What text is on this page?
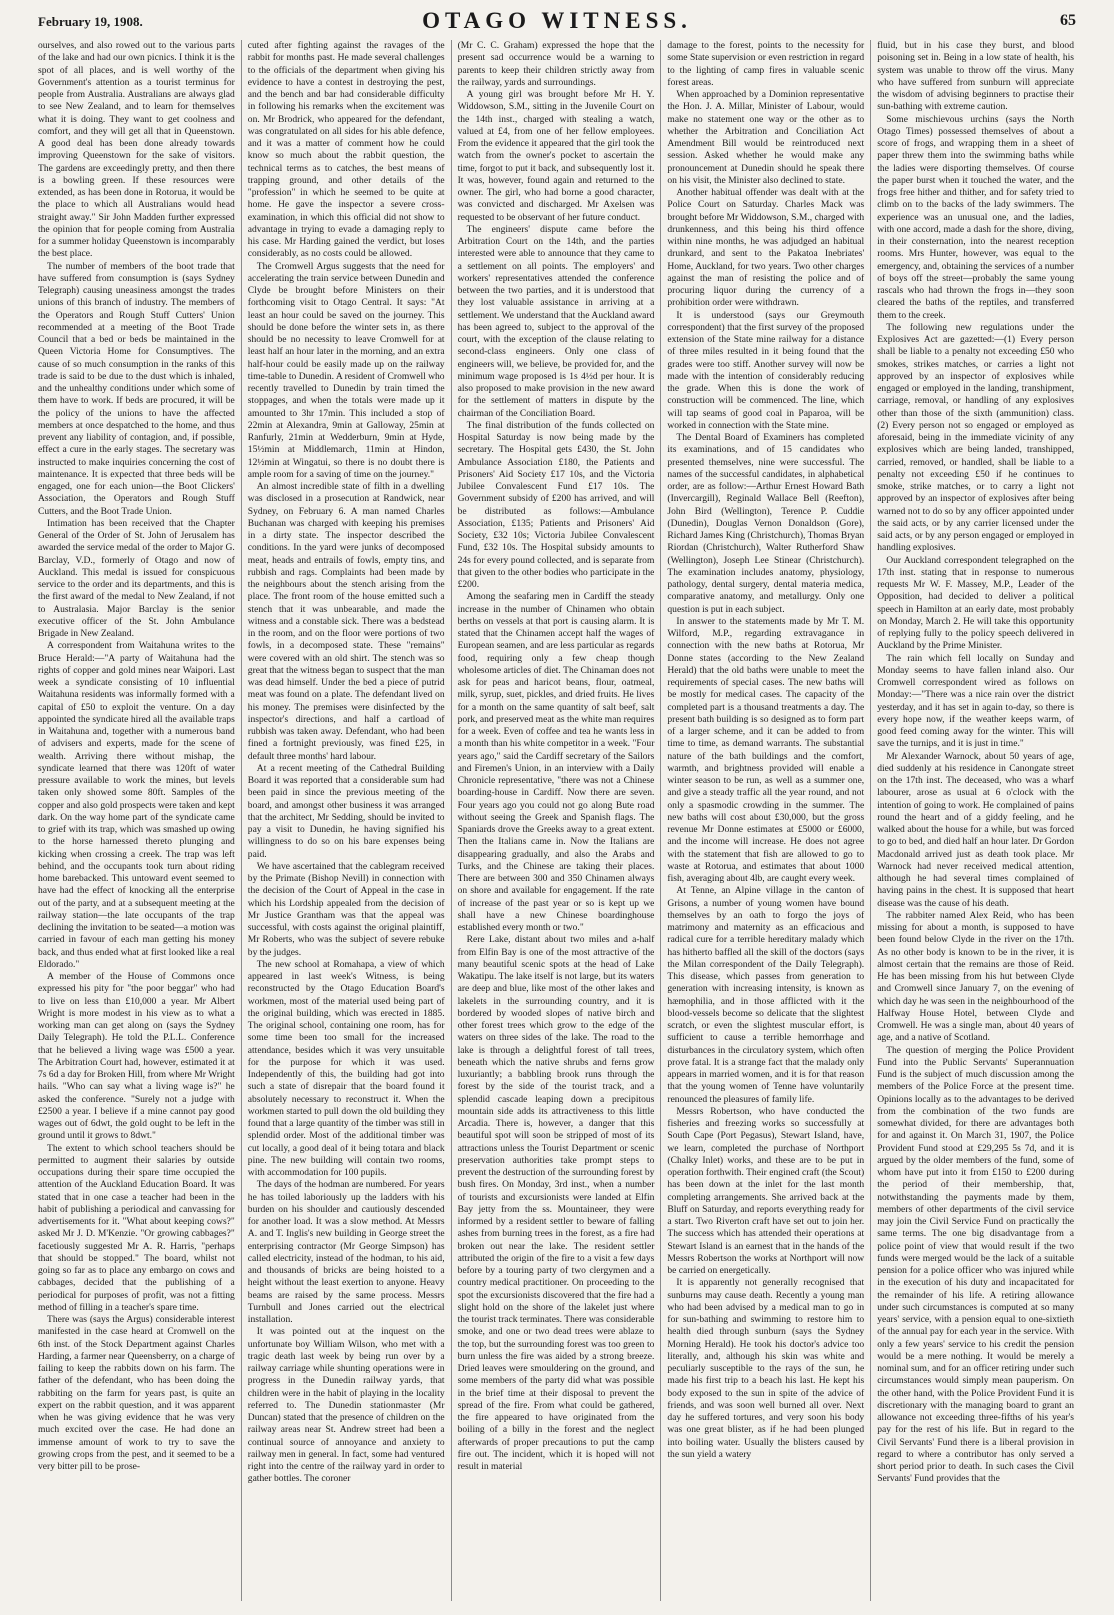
February 19, 1908.	OTAGO WITNESS.	65

ourselves, and also rowed out to the various parts of the lake and had our own picnics. I think it is the spot of all places, and is well worthy of the Government's attention as a tourist terminus for people from Australia. Australians are always glad to see New Zealand, and to learn for themselves what it is doing. They want to get coolness and comfort, and they will get all that in Queenstown. A good deal has been done already towards improving Queenstown for the sake of visitors. The gardens are exceedingly pretty, and then there is a bowling green. If these resources were extended, as has been done in Rotorua, it would be the place to which all Australians would head straight away." Sir John Madden further expressed the opinion that for people coming from Australia for a summer holiday Queenstown is incomparably the best place.

The number of members of the boot trade that have suffered from consumption is (says Sydney Telegraph) causing uneasiness amongst the trades unions of this branch of industry. The members of the Operators and Rough Stuff Cutters' Union recommended at a meeting of the Boot Trade Council that a bed or beds be maintained in the Queen Victoria Home for Consumptives. The cause of so much consumption in the ranks of this trade is said to be due to the dust which is inhaled, and the unhealthy conditions under which some of them have to work. If beds are procured, it will be the policy of the unions to have the affected members at once despatched to the home, and thus prevent any liability of contagion, and, if possible, effect a cure in the early stages. The secretary was instructed to make inquiries concerning the cost of maintenance. It is expected that three beds will be engaged, one for each union—the Boot Clickers' Association, the Operators and Rough Stuff Cutters, and the Boot Trade Union.

Intimation has been received that the Chapter General of the Order of St. John of Jerusalem has awarded the service medal of the order to Major G. Barclay, V.D., formerly of Otago and now of Auckland. This medal is issued for conspicuous service to the order and its departments, and this is the first award of the medal to New Zealand, if not to Australasia. Major Barclay is the senior executive officer of the St. John Ambulance Brigade in New Zealand.

A correspondent from Waitahuna writes to the Bruce Herald:—"A party of Waitahuna had the rights of copper and gold mines near Waipori. Last week a syndicate consisting of 10 influential Waitahuna residents was informally formed with a capital of £50 to exploit the venture. On a day appointed the syndicate hired all the available traps in Waitahuna and, together with a numerous band of advisers and experts, made for the scene of wealth. Arriving there without mishap, the syndicate learned that there was 120ft of water pressure available to work the mines, but levels taken only showed some 80ft. Samples of the copper and also gold prospects were taken and kept dark. On the way home part of the syndicate came to grief with its trap, which was smashed up owing to the horse harnessed thereto plunging and kicking when crossing a creek. The trap was left behind, and the occupants took turn about riding home barebacked. This untoward event seemed to have had the effect of knocking all the enterprise out of the party, and at a subsequent meeting at the railway station—the late occupants of the trap declining the invitation to be seated—a motion was carried in favour of each man getting his money back, and thus ended what at first looked like a real Eldorado."

A member of the House of Commons once expressed his pity for "the poor beggar" who had to live on less than £10,000 a year. Mr Albert Wright is more modest in his view as to what a working man can get along on (says the Sydney Daily Telegraph). He told the P.L.L. Conference that he believed a living wage was £500 a year. The Arbitration Court had, however, estimated it at 7s 6d a day for Broken Hill, from where Mr Wright hails. "Who can say what a living wage is?" he asked the conference. "Surely not a judge with £2500 a year. I believe if a mine cannot pay good wages out of 6dwt, the gold ought to be left in the ground until it grows to 8dwt."

The extent to which school teachers should be permitted to augment their salaries by outside occupations during their spare time occupied the attention of the Auckland Education Board. It was stated that in one case a teacher had been in the habit of publishing a periodical and canvassing for advertisements for it. "What about keeping cows?" asked Mr J. D. M'Kenzie. "Or growing cabbages?" facetiously suggested Mr A. R. Harris, "perhaps that should be stopped." The board, whilst not going so far as to place any embargo on cows and cabbages, decided that the publishing of a periodical for purposes of profit, was not a fitting method of filling in a teacher's spare time.

There was (says the Argus) considerable interest manifested in the case heard at Cromwell on the 6th inst. of the Stock Department against Charles Harding, a farmer near Queensberry, on a charge of failing to keep the rabbits down on his farm. The father of the defendant, who has been doing the rabbiting on the farm for years past, is quite an expert on the rabbit question, and it was apparent when he was giving evidence that he was very much excited over the case. He had done an immense amount of work to try to save the growing crops from the pest, and it seemed to be a very bitter pill to be prose-

cuted after fighting against the ravages of the rabbit for months past. He made several challenges to the officials of the department when giving his evidence to have a contest in destroying the pest, and the bench and bar had considerable difficulty in following his remarks when the excitement was on. Mr Brodrick, who appeared for the defendant, was congratulated on all sides for his able defence, and it was a matter of comment how he could know so much about the rabbit question, the technical terms as to catches, the best means of trapping ground, and other details of the "profession" in which he seemed to be quite at home. He gave the inspector a severe cross-examination, in which this official did not show to advantage in trying to evade a damaging reply to his case. Mr Harding gained the verdict, but loses considerably, as no costs could be allowed.

The Cromwell Argus suggests that the need for accelerating the train service between Dunedin and Clyde be brought before Ministers on their forthcoming visit to Otago Central. It says: "At least an hour could be saved on the journey. This should be done before the winter sets in, as there should be no necessity to leave Cromwell for at least half an hour later in the morning, and an extra half-hour could be easily made up on the railway time-table to Dunedin. A resident of Cromwell who recently travelled to Dunedin by train timed the stoppages, and when the totals were made up it amounted to 3hr 17min. This included a stop of 22min at Alexandra, 9min at Galloway, 25min at Ranfurly, 21min at Wedderburn, 9min at Hyde, 15½min at Middlemarch, 11min at Hindon, 12½min at Wingatui, so there is no doubt there is ample room for a saving of time on the journey."

An almost incredible state of filth in a dwelling was disclosed in a prosecution at Randwick, near Sydney, on February 6. A man named Charles Buchanan was charged with keeping his premises in a dirty state. The inspector described the conditions. In the yard were junks of decomposed meat, heads and entrails of fowls, empty tins, and rubbish and rags. Complaints had been made by the neighbours about the stench arising from the place. The front room of the house emitted such a stench that it was unbearable, and made the witness and a constable sick. There was a bedstead in the room, and on the floor were portions of two fowls, in a decomposed state. These "remains" were covered with an old shirt. The stench was so great that the witness began to suspect that the man was dead himself. Under the bed a piece of putrid meat was found on a plate. The defendant lived on his money. The premises were disinfected by the inspector's directions, and half a cartload of rubbish was taken away. Defendant, who had been fined a fortnight previously, was fined £25, in default three months' hard labour.

At a recent meeting of the Cathedral Building Board it was reported that a considerable sum had been paid in since the previous meeting of the board, and amongst other business it was arranged that the architect, Mr Sedding, should be invited to pay a visit to Dunedin, he having signified his willingness to do so on his bare expenses being paid.

We have ascertained that the cablegram received by the Primate (Bishop Nevill) in connection with the decision of the Court of Appeal in the case in which his Lordship appealed from the decision of Mr Justice Grantham was that the appeal was successful, with costs against the original plaintiff, Mr Roberts, who was the subject of severe rebuke by the judges.

The new school at Romahapa, a view of which appeared in last week's Witness, is being reconstructed by the Otago Education Board's workmen, most of the material used being part of the original building, which was erected in 1885. The original school, containing one room, has for some time been too small for the increased attendance, besides which it was very unsuitable for the purpose for which it was used. Independently of this, the building had got into such a state of disrepair that the board found it absolutely necessary to reconstruct it. When the workmen started to pull down the old building they found that a large quantity of the timber was still in splendid order. Most of the additional timber was cut locally, a good deal of it being totara and black pine. The new building will contain two rooms, with accommodation for 100 pupils.

The days of the hodman are numbered. For years he has toiled laboriously up the ladders with his burden on his shoulder and cautiously descended for another load. It was a slow method. At Messrs A. and T. Inglis's new building in George street the enterprising contractor (Mr George Simpson) has called electricity, instead of the hodman, to his aid, and thousands of bricks are being hoisted to a height without the least exertion to anyone. Heavy beams are raised by the same process. Messrs Turnbull and Jones carried out the electrical installation.

It was pointed out at the inquest on the unfortunate boy William Wilson, who met with a tragic death last week by being run over by a railway carriage while shunting operations were in progress in the Dunedin railway yards, that children were in the habit of playing in the locality referred to. The Dunedin stationmaster (Mr Duncan) stated that the presence of children on the railway areas near St. Andrew street had been a continual source of annoyance and anxiety to railway men in general. In fact, some had ventured right into the centre of the railway yard in order to gather bottles. The coroner

(Mr C. C. Graham) expressed the hope that the present sad occurrence would be a warning to parents to keep their children strictly away from the railway, yards and surroundings.

A young girl was brought before Mr H. Y. Widdowson, S.M., sitting in the Juvenile Court on the 14th inst., charged with stealing a watch, valued at £4, from one of her fellow employees. From the evidence it appeared that the girl took the watch from the owner's pocket to ascertain the time, forgot to put it back, and subsequently lost it. It was, however, found again and returned to the owner. The girl, who had borne a good character, was convicted and discharged. Mr Axelsen was requested to be observant of her future conduct.

The engineers' dispute came before the Arbitration Court on the 14th, and the parties interested were able to announce that they came to a settlement on all points. The employers' and workers' representatives attended the conference between the two parties, and it is understood that they lost valuable assistance in arriving at a settlement. We understand that the Auckland award has been agreed to, subject to the approval of the court, with the exception of the clause relating to second-class engineers. Only one class of engineers will, we believe, be provided for, and the minimum wage proposed is 1s 4½d per hour. It is also proposed to make provision in the new award for the settlement of matters in dispute by the chairman of the Conciliation Board.

The final distribution of the funds collected on Hospital Saturday is now being made by the secretary. The Hospital gets £430, the St. John Ambulance Association £180, the Patients and Prisoners' Aid Society £17 10s, and the Victoria Jubilee Convalescent Fund £17 10s. The Government subsidy of £200 has arrived, and will be distributed as follows:—Ambulance Association, £135; Patients and Prisoners' Aid Society, £32 10s; Victoria Jubilee Convalescent Fund, £32 10s. The Hospital subsidy amounts to 24s for every pound collected, and is separate from that given to the other bodies who participate in the £200.

Among the seafaring men in Cardiff the steady increase in the number of Chinamen who obtain berths on vessels at that port is causing alarm. It is stated that the Chinamen accept half the wages of European seamen, and are less particular as regards food, requiring only a few cheap though wholesome articles of diet. The Chinaman does not ask for peas and haricot beans, flour, oatmeal, milk, syrup, suet, pickles, and dried fruits. He lives for a month on the same quantity of salt beef, salt pork, and preserved meat as the white man requires for a week. Even of coffee and tea he wants less in a month than his white competitor in a week. "Four years ago," said the Cardiff secretary of the Sailors and Firemen's Union, in an interview with a Daily Chronicle representative, "there was not a Chinese boarding-house in Cardiff. Now there are seven. Four years ago you could not go along Bute road without seeing the Greek and Spanish flags. The Spaniards drove the Greeks away to a great extent. Then the Italians came in. Now the Italians are disappearing gradually, and also the Arabs and Turks, and the Chinese are taking their places. There are between 300 and 350 Chinamen always on shore and available for engagement. If the rate of increase of the past year or so is kept up we shall have a new Chinese boardinghouse established every month or two."

Rere Lake, distant about two miles and a-half from Elfin Bay is one of the most attractive of the many beautiful scenic spots at the head of Lake Wakatipu. The lake itself is not large, but its waters are deep and blue, like most of the other lakes and lakelets in the surrounding country, and it is bordered by wooded slopes of native birch and other forest trees which grow to the edge of the waters on three sides of the lake. The road to the lake is through a delightful forest of tall trees, beneath which the native shrubs and ferns grow luxuriantly; a babbling brook runs through the forest by the side of the tourist track, and a splendid cascade leaping down a precipitous mountain side adds its attractiveness to this little Arcadia. There is, however, a danger that this beautiful spot will soon be stripped of most of its attractions unless the Tourist Department or scenic preservation authorities take prompt steps to prevent the destruction of the surrounding forest by bush fires. On Monday, 3rd inst., when a number of tourists and excursionists were landed at Elfin Bay jetty from the ss. Mountaineer, they were informed by a resident settler to beware of falling ashes from burning trees in the forest, as a fire had broken out near the lake. The resident settler attributed the origin of the fire to a visit a few days before by a touring party of two clergymen and a country medical practitioner. On proceeding to the spot the excursionists discovered that the fire had a slight hold on the shore of the lakelet just where the tourist track terminates. There was considerable smoke, and one or two dead trees were ablaze to the top, but the surrounding forest was too green to burn unless the fire was aided by a strong breeze. Dried leaves were smouldering on the ground, and some members of the party did what was possible in the brief time at their disposal to prevent the spread of the fire. From what could be gathered, the fire appeared to have originated from the boiling of a billy in the forest and the neglect afterwards of proper precautions to put the camp fire out. The incident, which it is hoped will not result in material

damage to the forest, points to the necessity for some State supervision or even restriction in regard to the lighting of camp fires in valuable scenic forest areas.

When approached by a Dominion representative the Hon. J. A. Millar, Minister of Labour, would make no statement one way or the other as to whether the Arbitration and Conciliation Act Amendment Bill would be reintroduced next session. Asked whether he would make any pronouncement at Dunedin should he speak there on his visit, the Minister also declined to state.

Another habitual offender was dealt with at the Police Court on Saturday. Charles Mack was brought before Mr Widdowson, S.M., charged with drunkenness, and this being his third offence within nine months, he was adjudged an habitual drunkard, and sent to the Pakatoa Inebriates' Home, Auckland, for two years. Two other charges against the man of resisting the police and of procuring liquor during the currency of a prohibition order were withdrawn.

It is understood (says our Greymouth correspondent) that the first survey of the proposed extension of the State mine railway for a distance of three miles resulted in it being found that the grades were too stiff. Another survey will now be made with the intention of considerably reducing the grade. When this is done the work of construction will be commenced. The line, which will tap seams of good coal in Paparoa, will be worked in connection with the State mine.

The Dental Board of Examiners has completed its examinations, and of 15 candidates who presented themselves, nine were successful. The names of the successful candidates, in alphabetical order, are as follow:—Arthur Ernest Howard Bath (Invercargill), Reginald Wallace Bell (Reefton), John Bird (Wellington), Terence P. Cuddie (Dunedin), Douglas Vernon Donaldson (Gore), Richard James King (Christchurch), Thomas Bryan Riordan (Christchurch), Walter Rutherford Shaw (Wellington), Joseph Lee Stinear (Christchurch). The examination includes anatomy, physiology, pathology, dental surgery, dental materia medica, comparative anatomy, and metallurgy. Only one question is put in each subject.

In answer to the statements made by Mr T. M. Wilford, M.P., regarding extravagance in connection with the new baths at Rotorua, Mr Donne states (according to the New Zealand Herald) that the old baths were unable to meet the requirements of special cases. The new baths will be mostly for medical cases. The capacity of the completed part is a thousand treatments a day. The present bath building is so designed as to form part of a larger scheme, and it can be added to from time to time, as demand warrants. The substantial nature of the bath buildings and the comfort, warmth, and brightness provided will enable a winter season to be run, as well as a summer one, and give a steady traffic all the year round, and not only a spasmodic crowding in the summer. The new baths will cost about £30,000, but the gross revenue Mr Donne estimates at £5000 or £6000, and the income will increase. He does not agree with the statement that fish are allowed to go to waste at Rotorua, and estimates that about 1000 fish, averaging about 4lb, are caught every week.

At Tenne, an Alpine village in the canton of Grisons, a number of young women have bound themselves by an oath to forgo the joys of matrimony and maternity as an efficacious and radical cure for a terrible hereditary malady which has hitherto baffled all the skill of the doctors (says the Milan correspondent of the Daily Telegraph). This disease, which passes from generation to generation with increasing intensity, is known as hæmophilia, and in those afflicted with it the blood-vessels become so delicate that the slightest scratch, or even the slightest muscular effort, is sufficient to cause a terrible hemorrhage and disturbances in the circulatory system, which often prove fatal. It is a strange fact that the malady only appears in married women, and it is for that reason that the young women of Tenne have voluntarily renounced the pleasures of family life.

Messrs Robertson, who have conducted the fisheries and freezing works so successfully at South Cape (Port Pegasus), Stewart Island, have, we learn, completed the purchase of Northport (Chalky Inlet) works, and these are to be put in operation forthwith. Their engined craft (the Scout) has been down at the inlet for the last month completing arrangements. She arrived back at the Bluff on Saturday, and reports everything ready for a start. Two Riverton craft have set out to join her. The success which has attended their operations at Stewart Island is an earnest that in the hands of the Messrs Robertson the works at Northport will now be carried on energetically.

It is apparently not generally recognised that sunburns may cause death. Recently a young man who had been advised by a medical man to go in for sun-bathing and swimming to restore him to health died through sunburn (says the Sydney Morning Herald). He took his doctor's advice too literally, and, although his skin was white and peculiarly susceptible to the rays of the sun, he made his first trip to a beach his last. He kept his body exposed to the sun in spite of the advice of friends, and was soon well burned all over. Next day he suffered tortures, and very soon his body was one great blister, as if he had been plunged into boiling water. Usually the blisters caused by the sun yield a watery

fluid, but in his case they burst, and blood poisoning set in. Being in a low state of health, his system was unable to throw off the virus. Many who have suffered from sunburn will appreciate the wisdom of advising beginners to practise their sun-bathing with extreme caution.

Some mischievous urchins (says the North Otago Times) possessed themselves of about a score of frogs, and wrapping them in a sheet of paper threw them into the swimming baths while the ladies were disporting themselves. Of course the paper burst when it touched the water, and the frogs free hither and thither, and for safety tried to climb on to the backs of the lady swimmers. The experience was an unusual one, and the ladies, with one accord, made a dash for the shore, diving, in their consternation, into the nearest reception rooms. Mrs Hunter, however, was equal to the emergency, and, obtaining the services of a number of boys off the street—probably the same young rascals who had thrown the frogs in—they soon cleared the baths of the reptiles, and transferred them to the creek.

The following new regulations under the Explosives Act are gazetted:—(1) Every person shall be liable to a penalty not exceeding £50 who smokes, strikes matches, or carries a light not approved by an inspector of explosives while engaged or employed in the landing, transhipment, carriage, removal, or handling of any explosives other than those of the sixth (ammunition) class. (2) Every person not so engaged or employed as aforesaid, being in the immediate vicinity of any explosives which are being landed, transhipped, carried, removed, or handled, shall be liable to a penalty not exceeding £50 if he continues to smoke, strike matches, or to carry a light not approved by an inspector of explosives after being warned not to do so by any officer appointed under the said acts, or by any carrier licensed under the said acts, or by any person engaged or employed in handling explosives.

Our Auckland correspondent telegraphed on the 17th inst. stating that in response to numerous requests Mr W. F. Massey, M.P., Leader of the Opposition, had decided to deliver a political speech in Hamilton at an early date, most probably on Monday, March 2. He will take this opportunity of replying fully to the policy speech delivered in Auckland by the Prime Minister.

The rain which fell locally on Sunday and Monday seems to have fallen inland also. Our Cromwell correspondent wired as follows on Monday:—"There was a nice rain over the district yesterday, and it has set in again to-day, so there is every hope now, if the weather keeps warm, of good feed coming away for the winter. This will save the turnips, and it is just in time."

Mr Alexander Warnock, about 50 years of age, died suddenly at his residence in Canongate street on the 17th inst. The deceased, who was a wharf labourer, arose as usual at 6 o'clock with the intention of going to work. He complained of pains round the heart and of a giddy feeling, and he walked about the house for a while, but was forced to go to bed, and died half an hour later. Dr Gordon Macdonald arrived just as death took place. Mr Warnock had never received medical attention, although he had several times complained of having pains in the chest. It is supposed that heart disease was the cause of his death.

The rabbiter named Alex Reid, who has been missing for about a month, is supposed to have been found below Clyde in the river on the 17th. As no other body is known to be in the river, it is almost certain that the remains are those of Reid. He has been missing from his hut between Clyde and Cromwell since January 7, on the evening of which day he was seen in the neighbourhood of the Halfway House Hotel, between Clyde and Cromwell. He was a single man, about 40 years of age, and a native of Scotland.

The question of merging the Police Provident Fund into the Public Servants' Superannuation Fund is the subject of much discussion among the members of the Police Force at the present time. Opinions locally as to the advantages to be derived from the combination of the two funds are somewhat divided, for there are advantages both for and against it. On March 31, 1907, the Police Provident Fund stood at £29,295 5s 7d, and it is argued by the older members of the fund, some of whom have put into it from £150 to £200 during the period of their membership, that, notwithstanding the payments made by them, members of other departments of the civil service may join the Civil Service Fund on practically the same terms. The one big disadvantage from a police point of view that would result if the two funds were merged would be the lack of a suitable pension for a police officer who was injured while in the execution of his duty and incapacitated for the remainder of his life. A retiring allowance under such circumstances is computed at so many years' service, with a pension equal to one-sixtieth of the annual pay for each year in the service. With only a few years' service to his credit the pension would be a mere nothing. It would be merely a nominal sum, and for an officer retiring under such circumstances would simply mean pauperism. On the other hand, with the Police Provident Fund it is discretionary with the managing board to grant an allowance not exceeding three-fifths of his year's pay for the rest of his life. But in regard to the Civil Servants' Fund there is a liberal provision in regard to where a contributor has only served a short period prior to death. In such cases the Civil Servants' Fund provides that the
